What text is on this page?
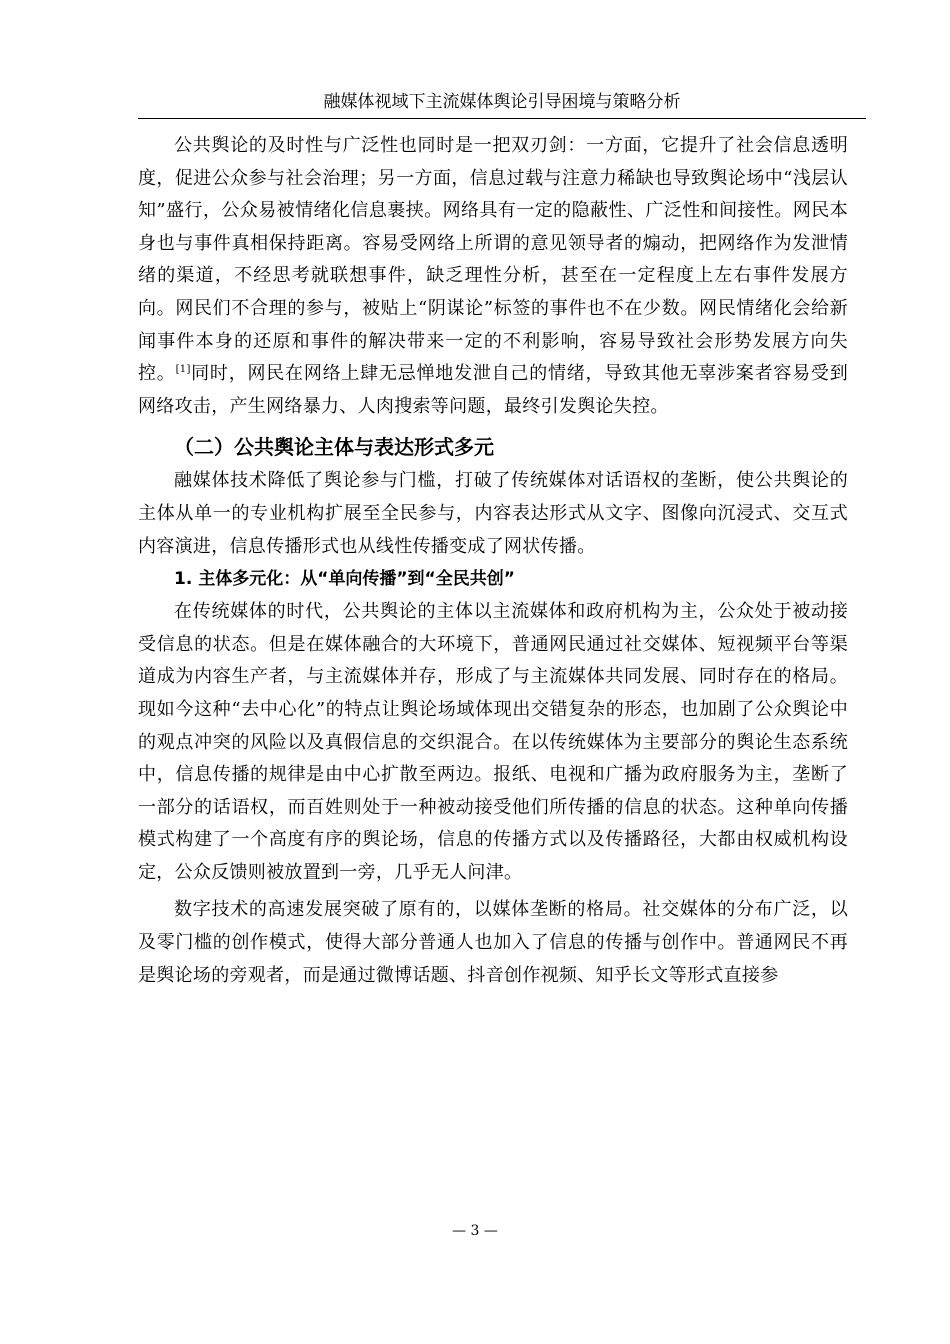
融媒体视域下主流媒体舆论引导困境与策略分析

公共舆论的及时性与广泛性也同时是一把双刃剑：一方面，它提升了社会信息透明度，促进公众参与社会治理；另一方面，信息过载与注意力稀缺也导致舆论场中“浅层认知”盛行，公众易被情绪化信息裹挟。网络具有一定的隐蔽性、广泛性和间接性。网民本身也与事件真相保持距离。容易受网络上所谓的意见领导者的煽动，把网络作为发泄情绪的渠道，不经思考就联想事件，缺乏理性分析，甚至在一定程度上左右事件发展方向。网民们不合理的参与，被贴上“阴谋论”标签的事件也不在少数。网民情绪化会给新闻事件本身的还原和事件的解决带来一定的不利影响，容易导致社会形势发展方向失控。[1]同时，网民在网络上肆无忌惮地发泄自己的情绪，导致其他无辜涉案者容易受到网络攻击，产生网络暴力、人肉搜索等问题，最终引发舆论失控。

（二）公共舆论主体与表达形式多元

融媒体技术降低了舆论参与门槛，打破了传统媒体对话语权的垄断，使公共舆论的主体从单一的专业机构扩展至全民参与，内容表达形式从文字、图像向沉浸式、交互式内容演进，信息传播形式也从线性传播变成了网状传播。

1. 主体多元化：从“单向传播”到“全民共创”

在传统媒体的时代，公共舆论的主体以主流媒体和政府机构为主，公众处于被动接受信息的状态。但是在媒体融合的大环境下，普通网民通过社交媒体、短视频平台等渠道成为内容生产者，与主流媒体并存，形成了与主流媒体共同发展、同时存在的格局。现如今这种“去中心化”的特点让舆论场域体现出交错复杂的形态，也加剧了公众舆论中的观点冲突的风险以及真假信息的交织混合。在以传统媒体为主要部分的舆论生态系统中，信息传播的规律是由中心扩散至两边。报纸、电视和广播为政府服务为主，垄断了一部分的话语权，而百姓则处于一种被动接受他们所传播的信息的状态。这种单向传播模式构建了一个高度有序的舆论场，信息的传播方式以及传播路径，大都由权威机构设定，公众反馈则被放置到一旁，几乎无人问津。

数字技术的高速发展突破了原有的，以媒体垄断的格局。社交媒体的分布广泛，以及零门槛的创作模式，使得大部分普通人也加入了信息的传播与创作中。普通网民不再是舆论场的旁观者，而是通过微博话题、抖音创作视频、知乎长文等形式直接参

— 3 —
